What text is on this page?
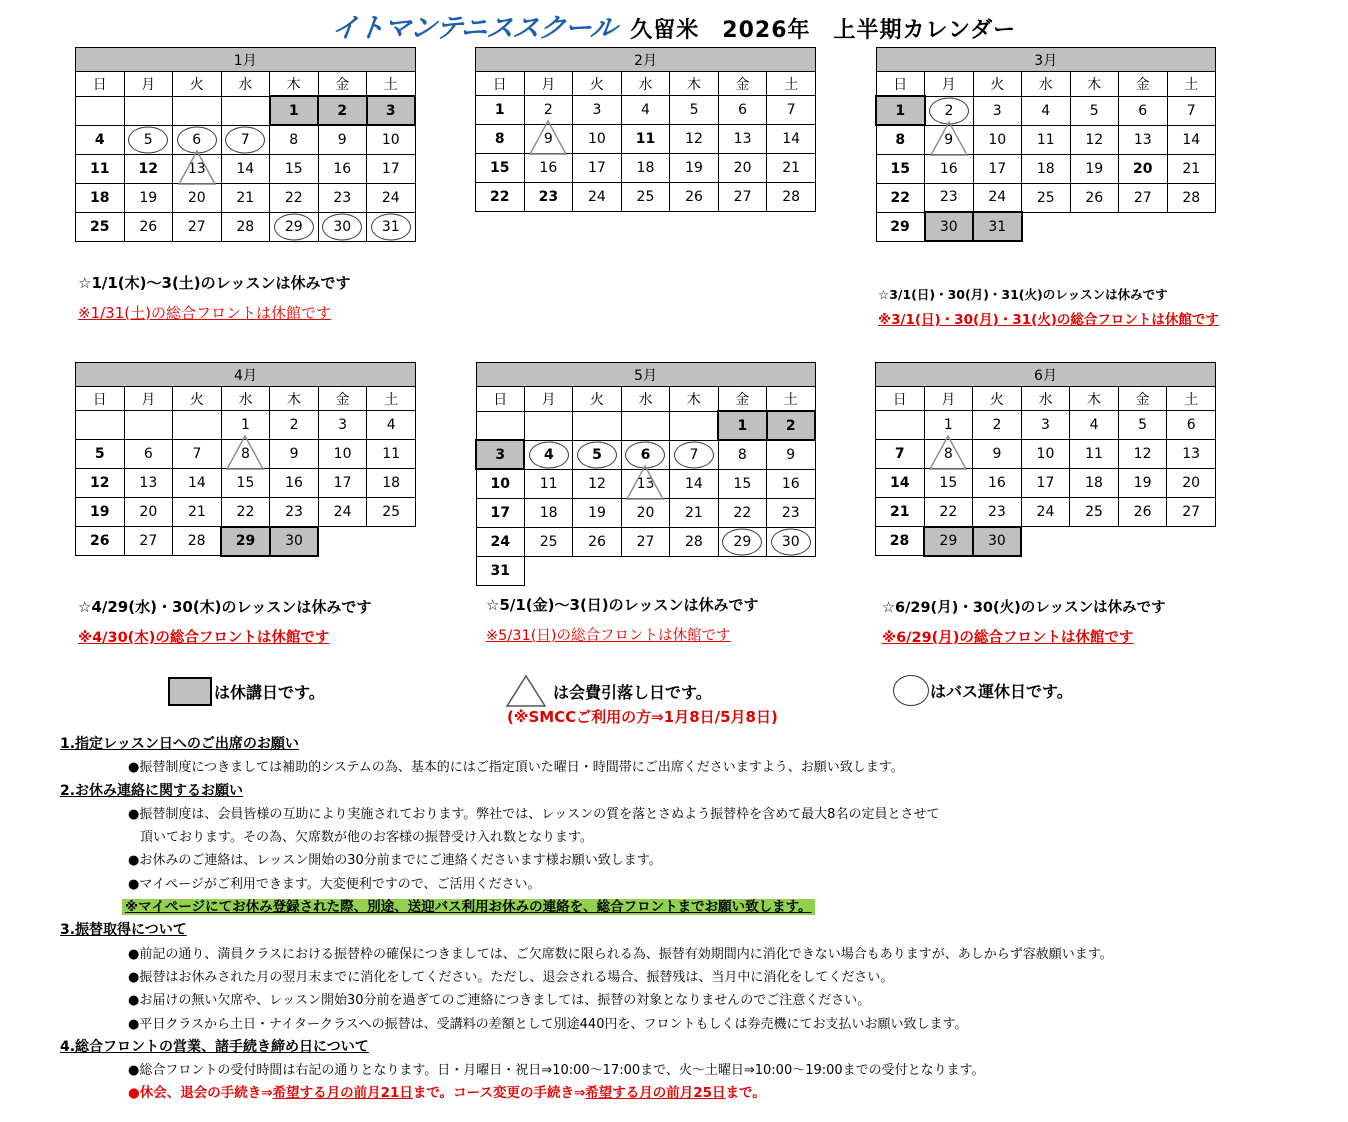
イトマンテニススクール 久留米　2026年　上半期カレンダー
1月						
日	月	火	水	木	金	土
				1	2	3
4	5	6	7	8	9	10
11	12	13	14	15	16	17
18	19	20	21	22	23	24
25	26	27	28	29	30	31
2月						
日	月	火	水	木	金	土
1	2	3	4	5	6	7
8	9	10	11	12	13	14
15	16	17	18	19	20	21
22	23	24	25	26	27	28
3月						
日	月	火	水	木	金	土
1	2	3	4	5	6	7
8	9	10	11	12	13	14
15	16	17	18	19	20	21
22	23	24	25	26	27	28
29	30	31				
4月						
日	月	火	水	木	金	土
			1	2	3	4
5	6	7	8	9	10	11
12	13	14	15	16	17	18
19	20	21	22	23	24	25
26	27	28	29	30		
5月						
日	月	火	水	木	金	土
					1	2
3	4	5	6	7	8	9
10	11	12	13	14	15	16
17	18	19	20	21	22	23
24	25	26	27	28	29	30

31						
6月						
日	月	火	水	木	金	土
	1	2	3	4	5	6
7	8	9	10	11	12	13
14	15	16	17	18	19	20
21	22	23	24	25	26	27
28	29	30				
☆1/1(木)～3(土)のレッスンは休みです
※1/31(土)の総合フロントは休館です
☆3/1(日)・30(月)・31(火)のレッスンは休みです
※3/1(日)・30(月)・31(火)の総合フロントは休館です
☆4/29(水)・30(木)のレッスンは休みです
※4/30(木)の総合フロントは休館です
☆5/1(金)～3(日)のレッスンは休みです
※5/31(日)の総合フロントは休館です
☆6/29(月)・30(火)のレッスンは休みです
※6/29(月)の総合フロントは休館です
は休講日です。	は会費引落し日です。
(※SMCCご利用の方⇒1月8日/5月8日)
はバス運休日です。
1.指定レッスン日へのご出席のお願い
●振替制度につきましては補助的システムの為、基本的にはご指定頂いた曜日・時間帯にご出席くださいますよう、お願い致します。
2.お休み連絡に関するお願い
●振替制度は、会員皆様の互助により実施されております。弊社では、レッスンの質を落とさぬよう振替枠を含めて最大8名の定員とさせて
頂いております。その為、欠席数が他のお客様の振替受け入れ数となります。
●お休みのご連絡は、レッスン開始の30分前までにご連絡くださいます様お願い致します。
●マイページがご利用できます。大変便利ですので、ご活用ください。
※マイページにてお休み登録された際、別途、送迎バス利用お休みの連絡を、総合フロントまでお願い致します。
3.振替取得について
●前記の通り、満員クラスにおける振替枠の確保につきましては、ご欠席数に限られる為、振替有効期間内に消化できない場合もありますが、あしからず容赦願います。
●振替はお休みされた月の翌月末までに消化をしてください。ただし、退会される場合、振替残は、当月中に消化をしてください。
●お届けの無い欠席や、レッスン開始30分前を過ぎてのご連絡につきましては、振替の対象となりませんのでご注意ください。
●平日クラスから土日・ナイタークラスへの振替は、受講料の差額として別途440円を、フロントもしくは券売機にてお支払いお願い致します。
4.総合フロントの営業、諸手続き締め日について
●総合フロントの受付時間は右記の通りとなります。日・月曜日・祝日⇒10:00～17:00まで、火～土曜日⇒10:00～19:00までの受付となります。
●休会、退会の手続き⇒希望する月の前月21日まで。コース変更の手続き⇒希望する月の前月25日まで。
